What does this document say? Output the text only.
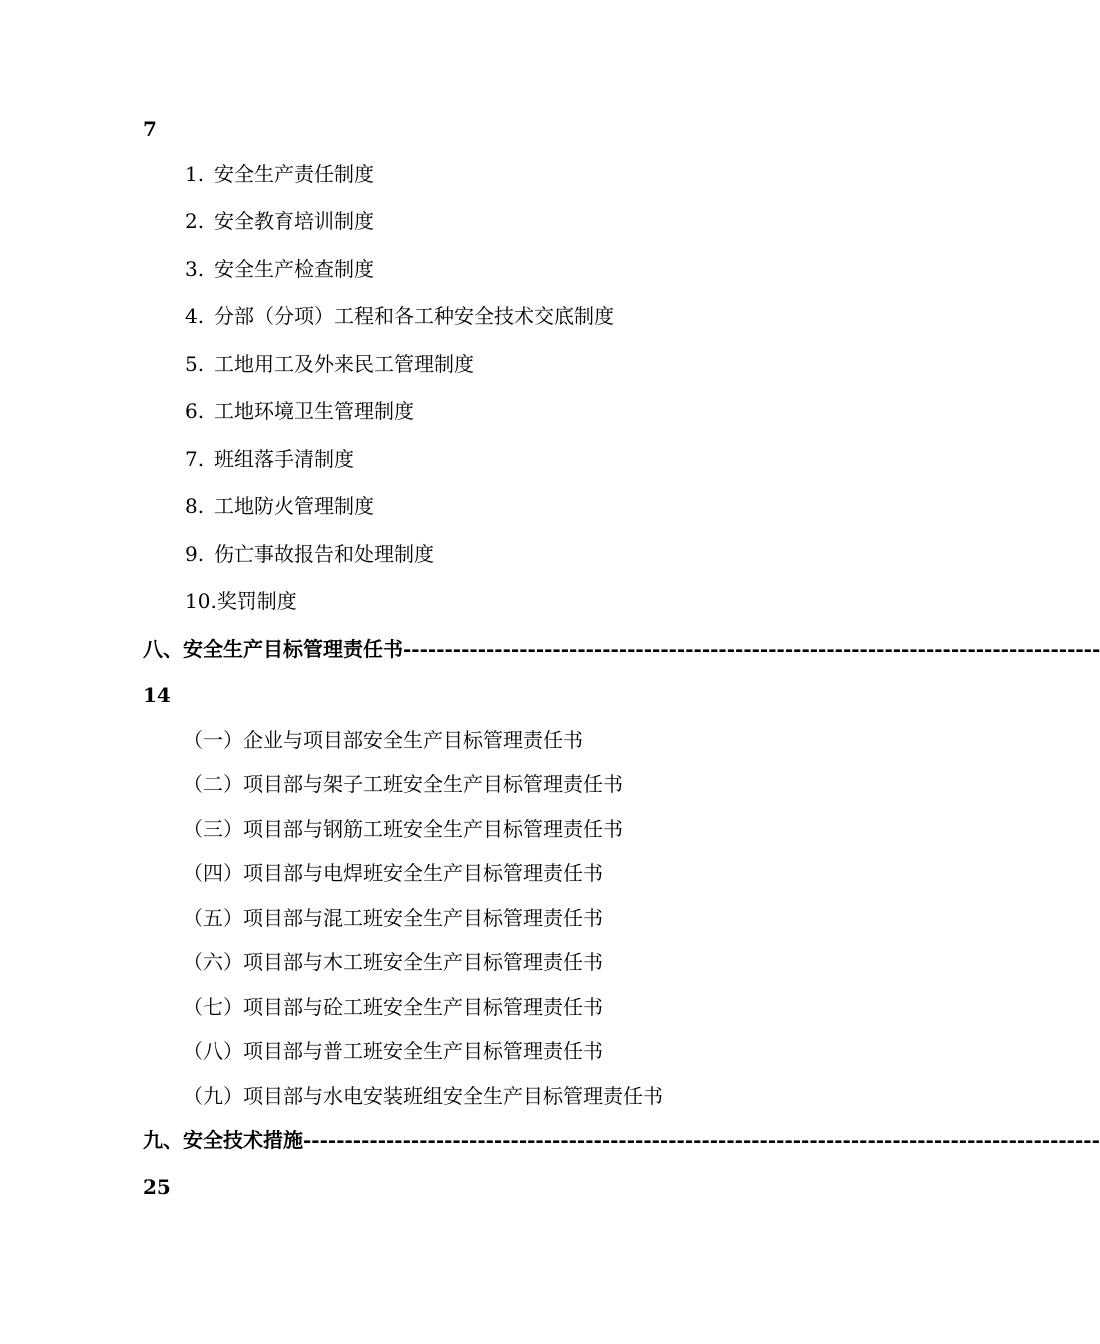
7
1. 安全生产责任制度
2. 安全教育培训制度
3. 安全生产检查制度
4. 分部（分项）工程和各工种安全技术交底制度
5. 工地用工及外来民工管理制度
6. 工地环境卫生管理制度
7. 班组落手清制度
8. 工地防火管理制度
9. 伤亡事故报告和处理制度
10.奖罚制度
八、安全生产目标管理责任书 ------------------------------------------------------------------------------------
14
（一）企业与项目部安全生产目标管理责任书
（二）项目部与架子工班安全生产目标管理责任书
（三）项目部与钢筋工班安全生产目标管理责任书
（四）项目部与电焊班安全生产目标管理责任书
（五）项目部与混工班安全生产目标管理责任书
（六）项目部与木工班安全生产目标管理责任书
（七）项目部与砼工班安全生产目标管理责任书
（八）项目部与普工班安全生产目标管理责任书
（九）项目部与水电安装班组安全生产目标管理责任书
九、安全技术措施 ------------------------------------------------------------------------------------------------
25
